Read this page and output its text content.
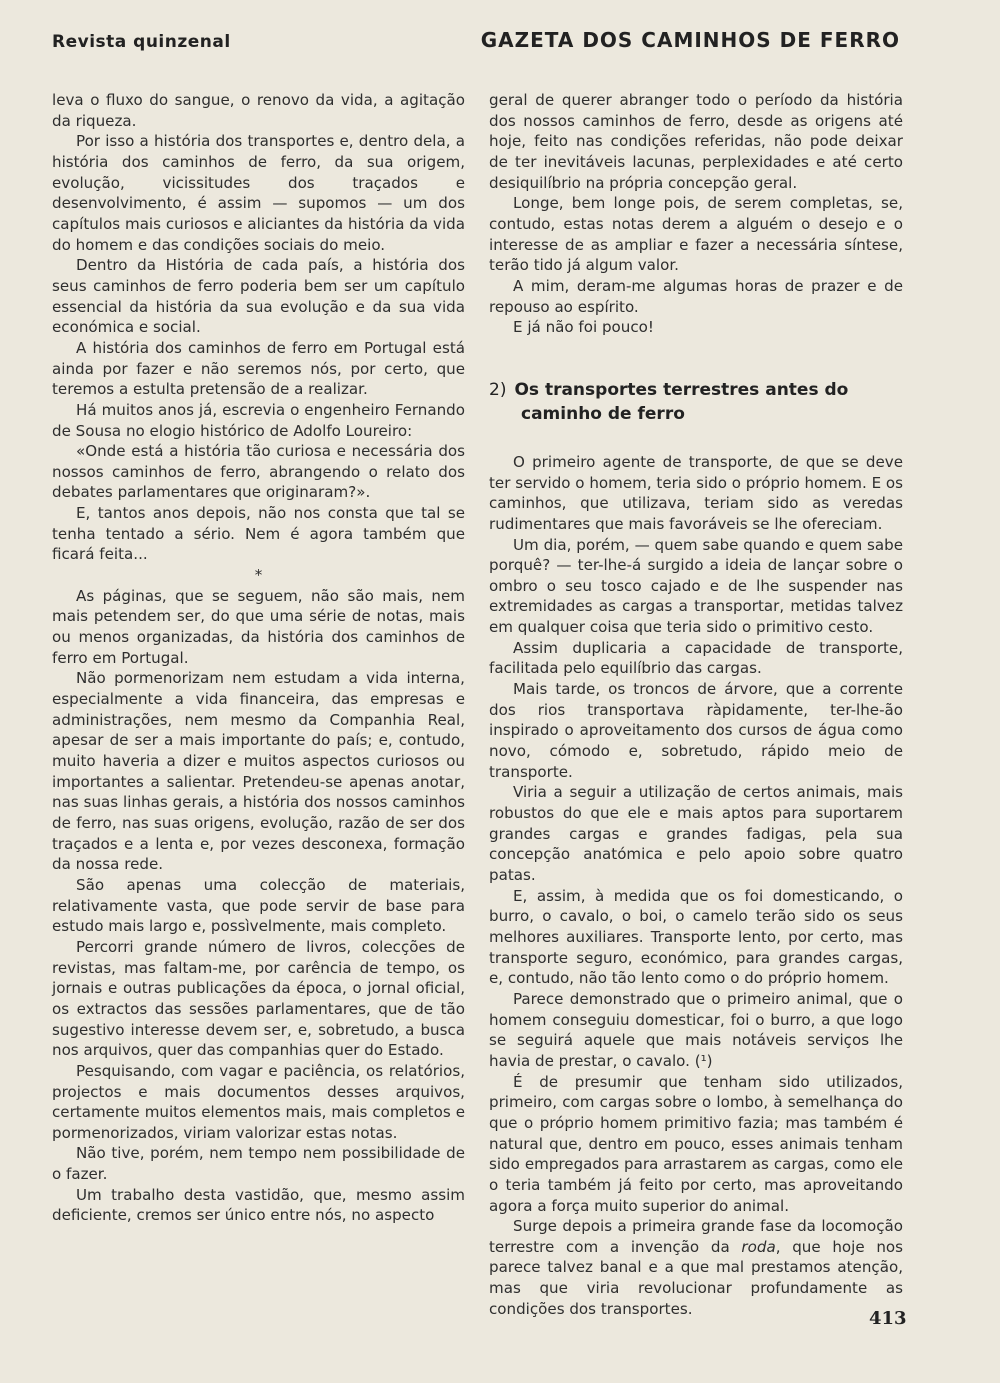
Revista quinzenal	GAZETA DOS CAMINHOS DE FERRO

leva o fluxo do sangue, o renovo da vida, a agitação da riqueza.

Por isso a história dos transportes e, dentro dela, a história dos caminhos de ferro, da sua origem, evolução, vicissitudes dos traçados e desenvolvimento, é assim — supomos — um dos capítulos mais curiosos e aliciantes da história da vida do homem e das condições sociais do meio.

Dentro da História de cada país, a história dos seus caminhos de ferro poderia bem ser um capítulo essencial da história da sua evolução e da sua vida económica e social.

A história dos caminhos de ferro em Portugal está ainda por fazer e não seremos nós, por certo, que teremos a estulta pretensão de a realizar.

Há muitos anos já, escrevia o engenheiro Fernando de Sousa no elogio histórico de Adolfo Loureiro:

«Onde está a história tão curiosa e necessária dos nossos caminhos de ferro, abrangendo o relato dos debates parlamentares que originaram?».

E, tantos anos depois, não nos consta que tal se tenha tentado a sério. Nem é agora também que ficará feita...

*

As páginas, que se seguem, não são mais, nem mais petendem ser, do que uma série de notas, mais ou menos organizadas, da história dos caminhos de ferro em Portugal.

Não pormenorizam nem estudam a vida interna, especialmente a vida financeira, das empresas e administrações, nem mesmo da Companhia Real, apesar de ser a mais importante do país; e, contudo, muito haveria a dizer e muitos aspectos curiosos ou importantes a salientar. Pretendeu-se apenas anotar, nas suas linhas gerais, a história dos nossos caminhos de ferro, nas suas origens, evolução, razão de ser dos traçados e a lenta e, por vezes desconexa, formação da nossa rede.

São apenas uma colecção de materiais, relativamente vasta, que pode servir de base para estudo mais largo e, possìvelmente, mais completo.

Percorri grande número de livros, colecções de revistas, mas faltam-me, por carência de tempo, os jornais e outras publicações da época, o jornal oficial, os extractos das sessões parlamentares, que de tão sugestivo interesse devem ser, e, sobretudo, a busca nos arquivos, quer das companhias quer do Estado.

Pesquisando, com vagar e paciência, os relatórios, projectos e mais documentos desses arquivos, certamente muitos elementos mais, mais completos e pormenorizados, viriam valorizar estas notas.

Não tive, porém, nem tempo nem possibilidade de o fazer.

Um trabalho desta vastidão, que, mesmo assim deficiente, cremos ser único entre nós, no aspecto

geral de querer abranger todo o período da história dos nossos caminhos de ferro, desde as origens até hoje, feito nas condições referidas, não pode deixar de ter inevitáveis lacunas, perplexidades e até certo desiquilíbrio na própria concepção geral.

Longe, bem longe pois, de serem completas, se, contudo, estas notas derem a alguém o desejo e o interesse de as ampliar e fazer a necessária síntese, terão tido já algum valor.

A mim, deram-me algumas horas de prazer e de repouso ao espírito.

E já não foi pouco!

2) Os transportes terrestres antes do
caminho de ferro

O primeiro agente de transporte, de que se deve ter servido o homem, teria sido o próprio homem. E os caminhos, que utilizava, teriam sido as veredas rudimentares que mais favoráveis se lhe ofereciam.

Um dia, porém, — quem sabe quando e quem sabe porquê? — ter-lhe-á surgido a ideia de lançar sobre o ombro o seu tosco cajado e de lhe suspender nas extremidades as cargas a transportar, metidas talvez em qualquer coisa que teria sido o primitivo cesto.

Assim duplicaria a capacidade de transporte, facilitada pelo equilíbrio das cargas.

Mais tarde, os troncos de árvore, que a corrente dos rios transportava ràpidamente, ter-lhe-ão inspirado o aproveitamento dos cursos de água como novo, cómodo e, sobretudo, rápido meio de transporte.

Viria a seguir a utilização de certos animais, mais robustos do que ele e mais aptos para suportarem grandes cargas e grandes fadigas, pela sua concepção anatómica e pelo apoio sobre quatro patas.

E, assim, à medida que os foi domesticando, o burro, o cavalo, o boi, o camelo terão sido os seus melhores auxiliares. Transporte lento, por certo, mas transporte seguro, económico, para grandes cargas, e, contudo, não tão lento como o do próprio homem.

Parece demonstrado que o primeiro animal, que o homem conseguiu domesticar, foi o burro, a que logo se seguirá aquele que mais notáveis serviços lhe havia de prestar, o cavalo. (¹)

É de presumir que tenham sido utilizados, primeiro, com cargas sobre o lombo, à semelhança do que o próprio homem primitivo fazia; mas também é natural que, dentro em pouco, esses animais tenham sido empregados para arrastarem as cargas, como ele o teria também já feito por certo, mas aproveitando agora a força muito superior do animal.

Surge depois a primeira grande fase da locomoção terrestre com a invenção da roda, que hoje nos parece talvez banal e a que mal prestamos atenção, mas que viria revolucionar profundamente as condições dos transportes.	413
